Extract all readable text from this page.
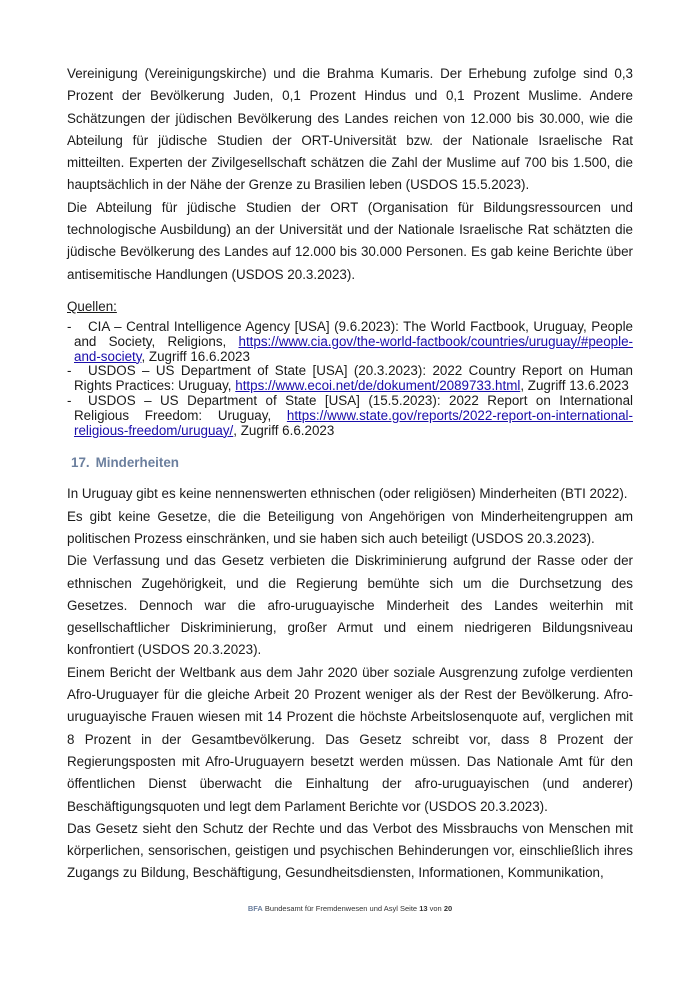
Vereinigung (Vereinigungskirche) und die Brahma Kumaris. Der Erhebung zufolge sind 0,3 Prozent der Bevölkerung Juden, 0,1 Prozent Hindus und 0,1 Prozent Muslime. Andere Schätzungen der jüdischen Bevölkerung des Landes reichen von 12.000 bis 30.000, wie die Abteilung für jüdische Studien der ORT-Universität bzw. der Nationale Israelische Rat mitteilten. Experten der Zivilgesellschaft schätzen die Zahl der Muslime auf 700 bis 1.500, die hauptsächlich in der Nähe der Grenze zu Brasilien leben (USDOS 15.5.2023).

Die Abteilung für jüdische Studien der ORT (Organisation für Bildungsressourcen und technologische Ausbildung) an der Universität und der Nationale Israelische Rat schätzten die jüdische Bevölkerung des Landes auf 12.000 bis 30.000 Personen. Es gab keine Berichte über antisemitische Handlungen (USDOS 20.3.2023).

Quellen:
- CIA – Central Intelligence Agency [USA] (9.6.2023): The World Factbook, Uruguay, People and Society, Religions, https://www.cia.gov/the-world-factbook/countries/uruguay/#people-and-society, Zugriff 16.6.2023
- USDOS – US Department of State [USA] (20.3.2023): 2022 Country Report on Human Rights Practices: Uruguay, https://www.ecoi.net/de/dokument/2089733.html, Zugriff 13.6.2023
- USDOS – US Department of State [USA] (15.5.2023): 2022 Report on International Religious Freedom: Uruguay, https://www.state.gov/reports/2022-report-on-international-religious-freedom/uruguay/, Zugriff 6.6.2023
17. Minderheiten

In Uruguay gibt es keine nennenswerten ethnischen (oder religiösen) Minderheiten (BTI 2022).

Es gibt keine Gesetze, die die Beteiligung von Angehörigen von Minderheitengruppen am politischen Prozess einschränken, und sie haben sich auch beteiligt (USDOS 20.3.2023).

Die Verfassung und das Gesetz verbieten die Diskriminierung aufgrund der Rasse oder der ethnischen Zugehörigkeit, und die Regierung bemühte sich um die Durchsetzung des Gesetzes. Dennoch war die afro-uruguayische Minderheit des Landes weiterhin mit gesellschaftlicher Diskriminierung, großer Armut und einem niedrigeren Bildungsniveau konfrontiert (USDOS 20.3.2023).

Einem Bericht der Weltbank aus dem Jahr 2020 über soziale Ausgrenzung zufolge verdienten Afro-Uruguayer für die gleiche Arbeit 20 Prozent weniger als der Rest der Bevölkerung. Afro-uruguayische Frauen wiesen mit 14 Prozent die höchste Arbeitslosenquote auf, verglichen mit 8 Prozent in der Gesamtbevölkerung. Das Gesetz schreibt vor, dass 8 Prozent der Regierungsposten mit Afro-Uruguayern besetzt werden müssen. Das Nationale Amt für den öffentlichen Dienst überwacht die Einhaltung der afro-uruguayischen (und anderer) Beschäftigungsquoten und legt dem Parlament Berichte vor (USDOS 20.3.2023).

Das Gesetz sieht den Schutz der Rechte und das Verbot des Missbrauchs von Menschen mit körperlichen, sensorischen, geistigen und psychischen Behinderungen vor, einschließlich ihres Zugangs zu Bildung, Beschäftigung, Gesundheitsdiensten, Informationen, Kommunikation,

BFA Bundesamt für Fremdenwesen und Asyl Seite 13 von 20
